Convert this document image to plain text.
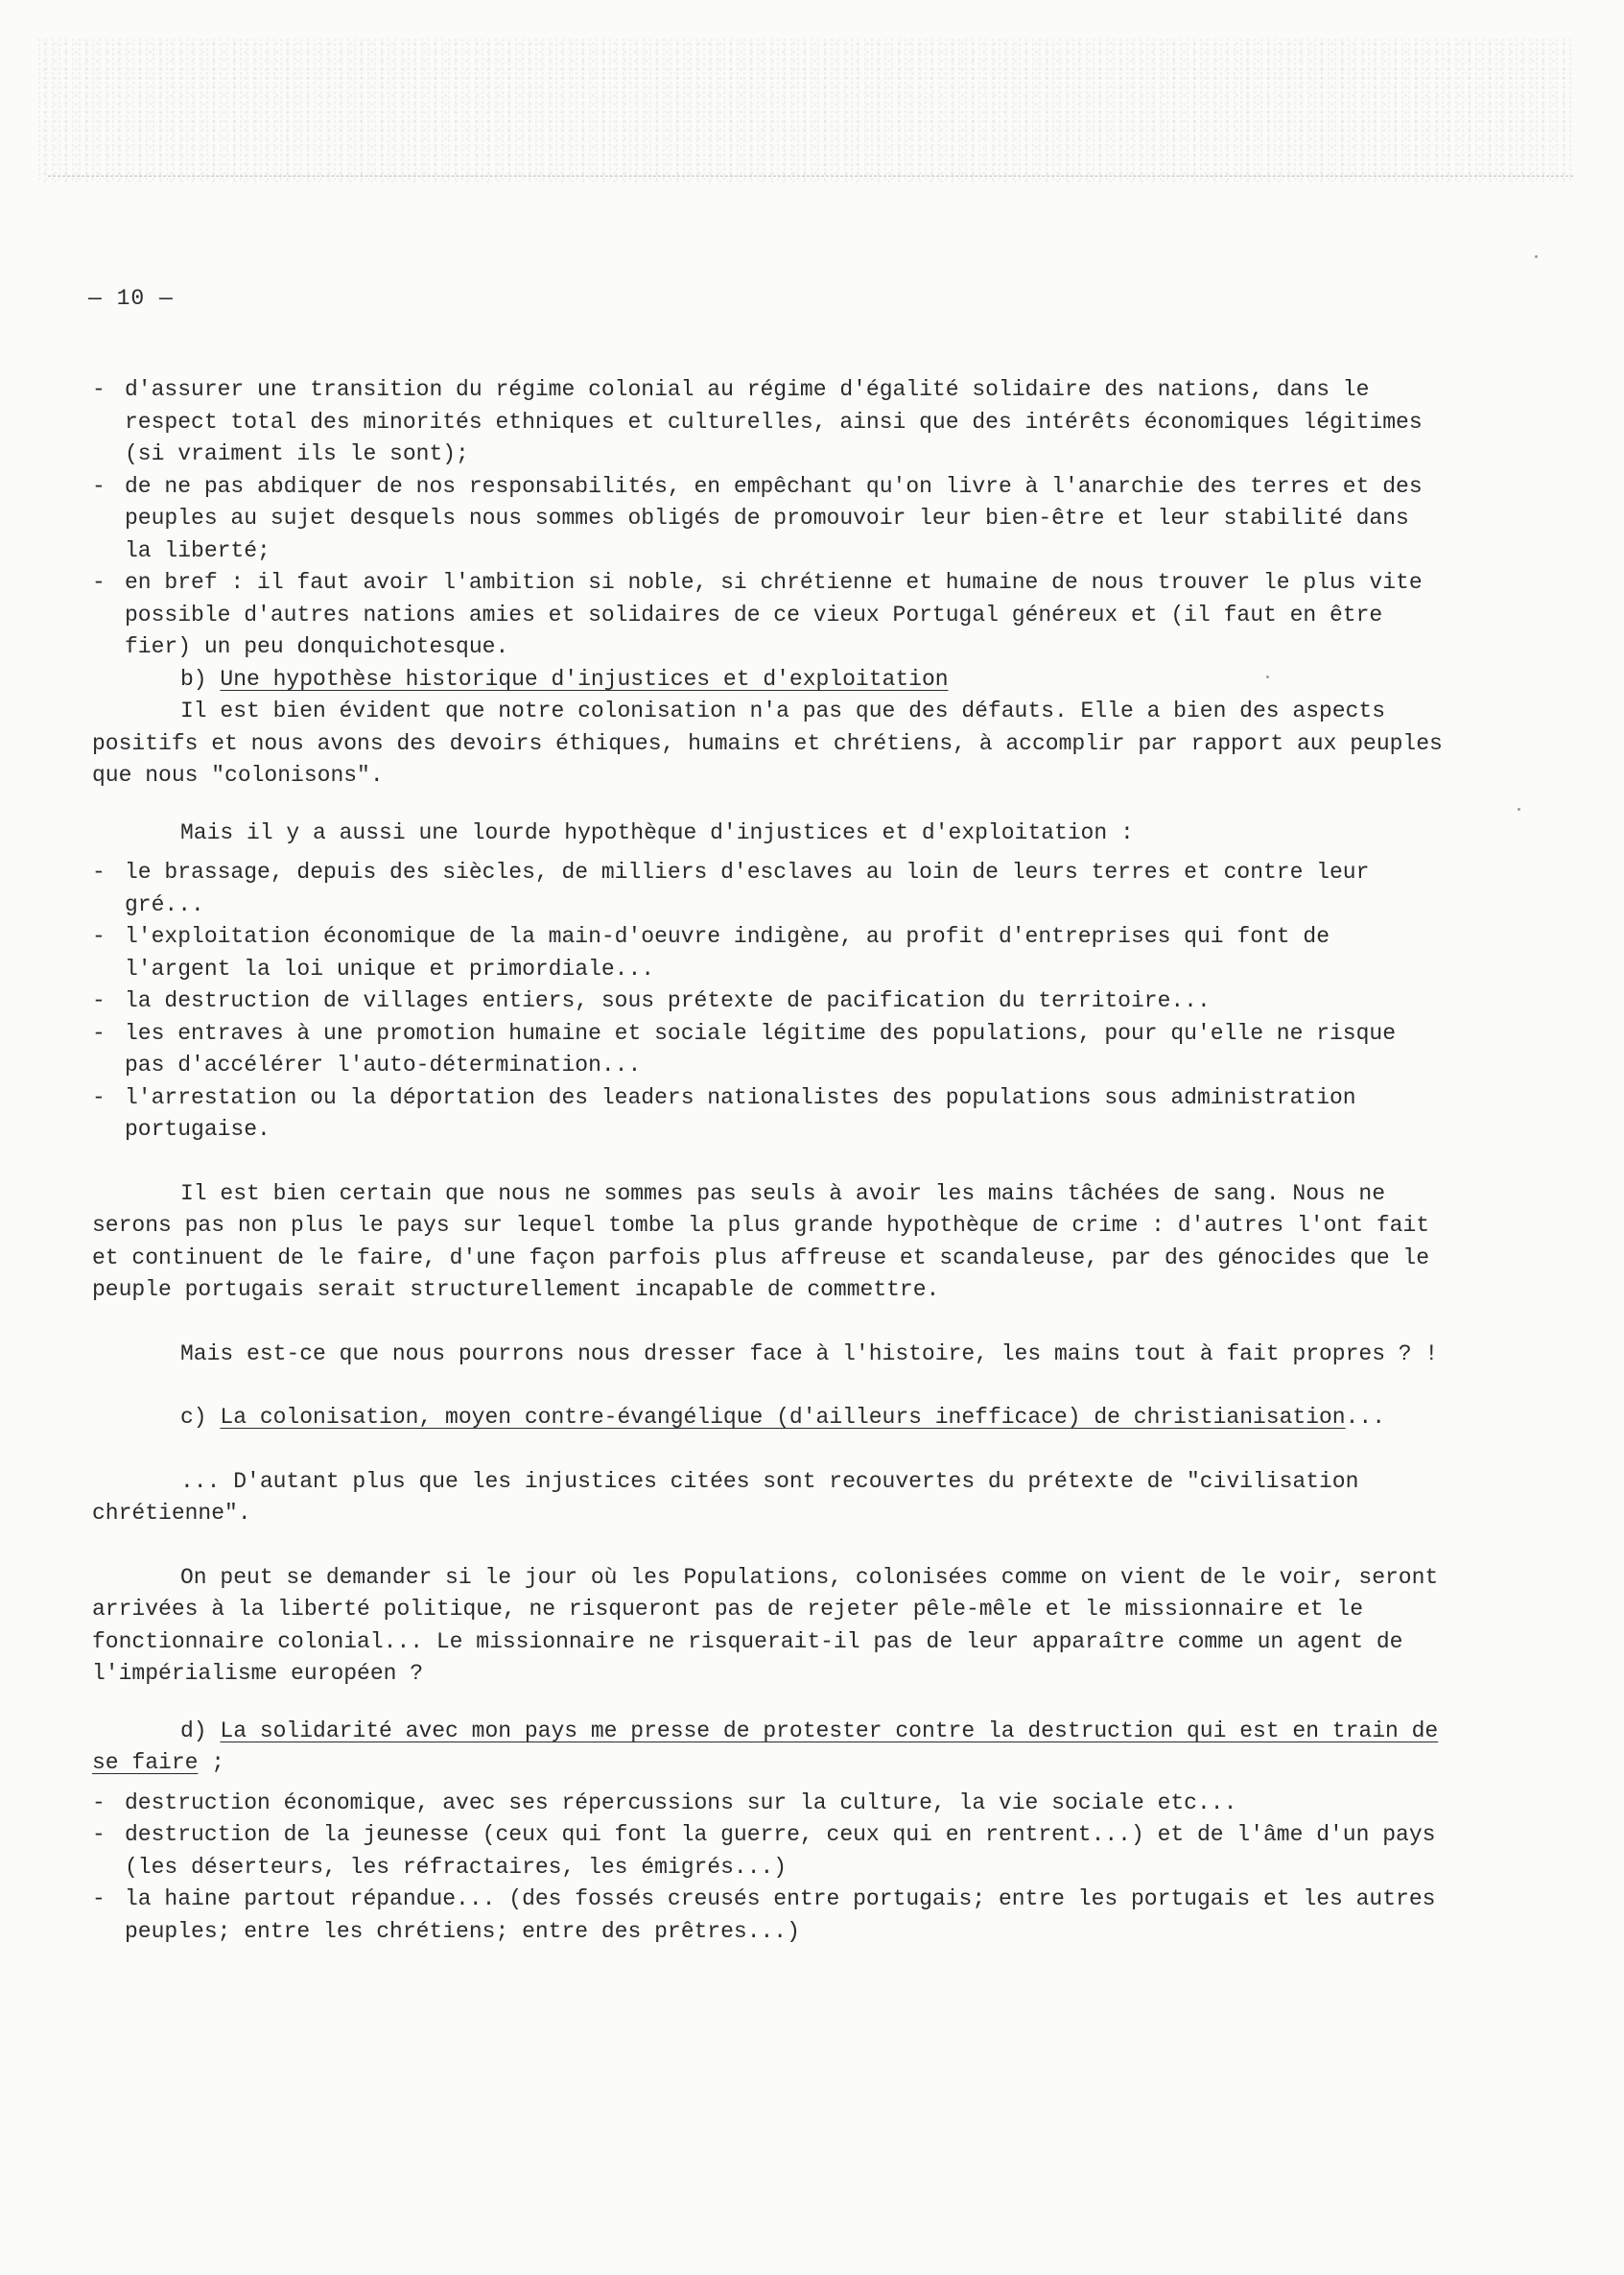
— 10 —
- d'assurer une transition du régime colonial au régime d'égalité solidaire des nations, dans le respect total des minorités ethniques et culturelles, ainsi que des intérêts économiques légitimes (si vraiment ils le sont);
- de ne pas abdiquer de nos responsabilités, en empêchant qu'on livre à l'anarchie des terres et des peuples au sujet desquels nous sommes obligés de promouvoir leur bien-être et leur stabilité dans la liberté;
- en bref : il faut avoir l'ambition si noble, si chrétienne et humaine de nous trouver le plus vite possible d'autres nations amies et solidaires de ce vieux Portugal généreux et (il faut en être fier) un peu donquichotesque.
b) Une hypothèse historique d'injustices et d'exploitation
Il est bien évident que notre colonisation n'a pas que des défauts. Elle a bien des aspects positifs et nous avons des devoirs éthiques, humains et chrétiens, à accomplir par rapport aux peuples que nous "colonisons".
Mais il y a aussi une lourde hypothèque d'injustices et d'exploitation :
- le brassage, depuis des siècles, de milliers d'esclaves au loin de leurs terres et contre leur gré...
- l'exploitation économique de la main-d'oeuvre indigène, au profit d'entreprises qui font de l'argent la loi unique et primordiale...
- la destruction de villages entiers, sous prétexte de pacification du territoire...
- les entraves à une promotion humaine et sociale légitime des populations, pour qu'elle ne risque pas d'accélérer l'auto-détermination...
- l'arrestation ou la déportation des leaders nationalistes des populations sous administration portugaise.
Il est bien certain que nous ne sommes pas seuls à avoir les mains tâchées de sang. Nous ne serons pas non plus le pays sur lequel tombe la plus grande hypothèque de crime : d'autres l'ont fait et continuent de le faire, d'une façon parfois plus affreuse et scandaleuse, par des génocides que le peuple portugais serait structurellement incapable de commettre.
Mais est-ce que nous pourrons nous dresser face à l'histoire, les mains tout à fait propres ? !
c) La colonisation, moyen contre-évangélique (d'ailleurs inefficace) de christianisation...
... D'autant plus que les injustices citées sont recouvertes du prétexte de "civilisation chrétienne".
On peut se demander si le jour où les Populations, colonisées comme on vient de le voir, seront arrivées à la liberté politique, ne risqueront pas de rejeter pêle-mêle et le missionnaire et le fonctionnaire colonial... Le missionnaire ne risquerait-il pas de leur apparaître comme un agent de l'impérialisme européen ?
d) La solidarité avec mon pays me presse de protester contre la destruction qui est en train de se faire ;
- destruction économique, avec ses répercussions sur la culture, la vie sociale etc...
- destruction de la jeunesse (ceux qui font la guerre, ceux qui en rentrent...) et de l'âme d'un pays (les déserteurs, les réfractaires, les émigrés...)
- la haine partout répandue... (des fossés creusés entre portugais; entre les portugais et les autres peuples; entre les chrétiens; entre des prêtres...)
